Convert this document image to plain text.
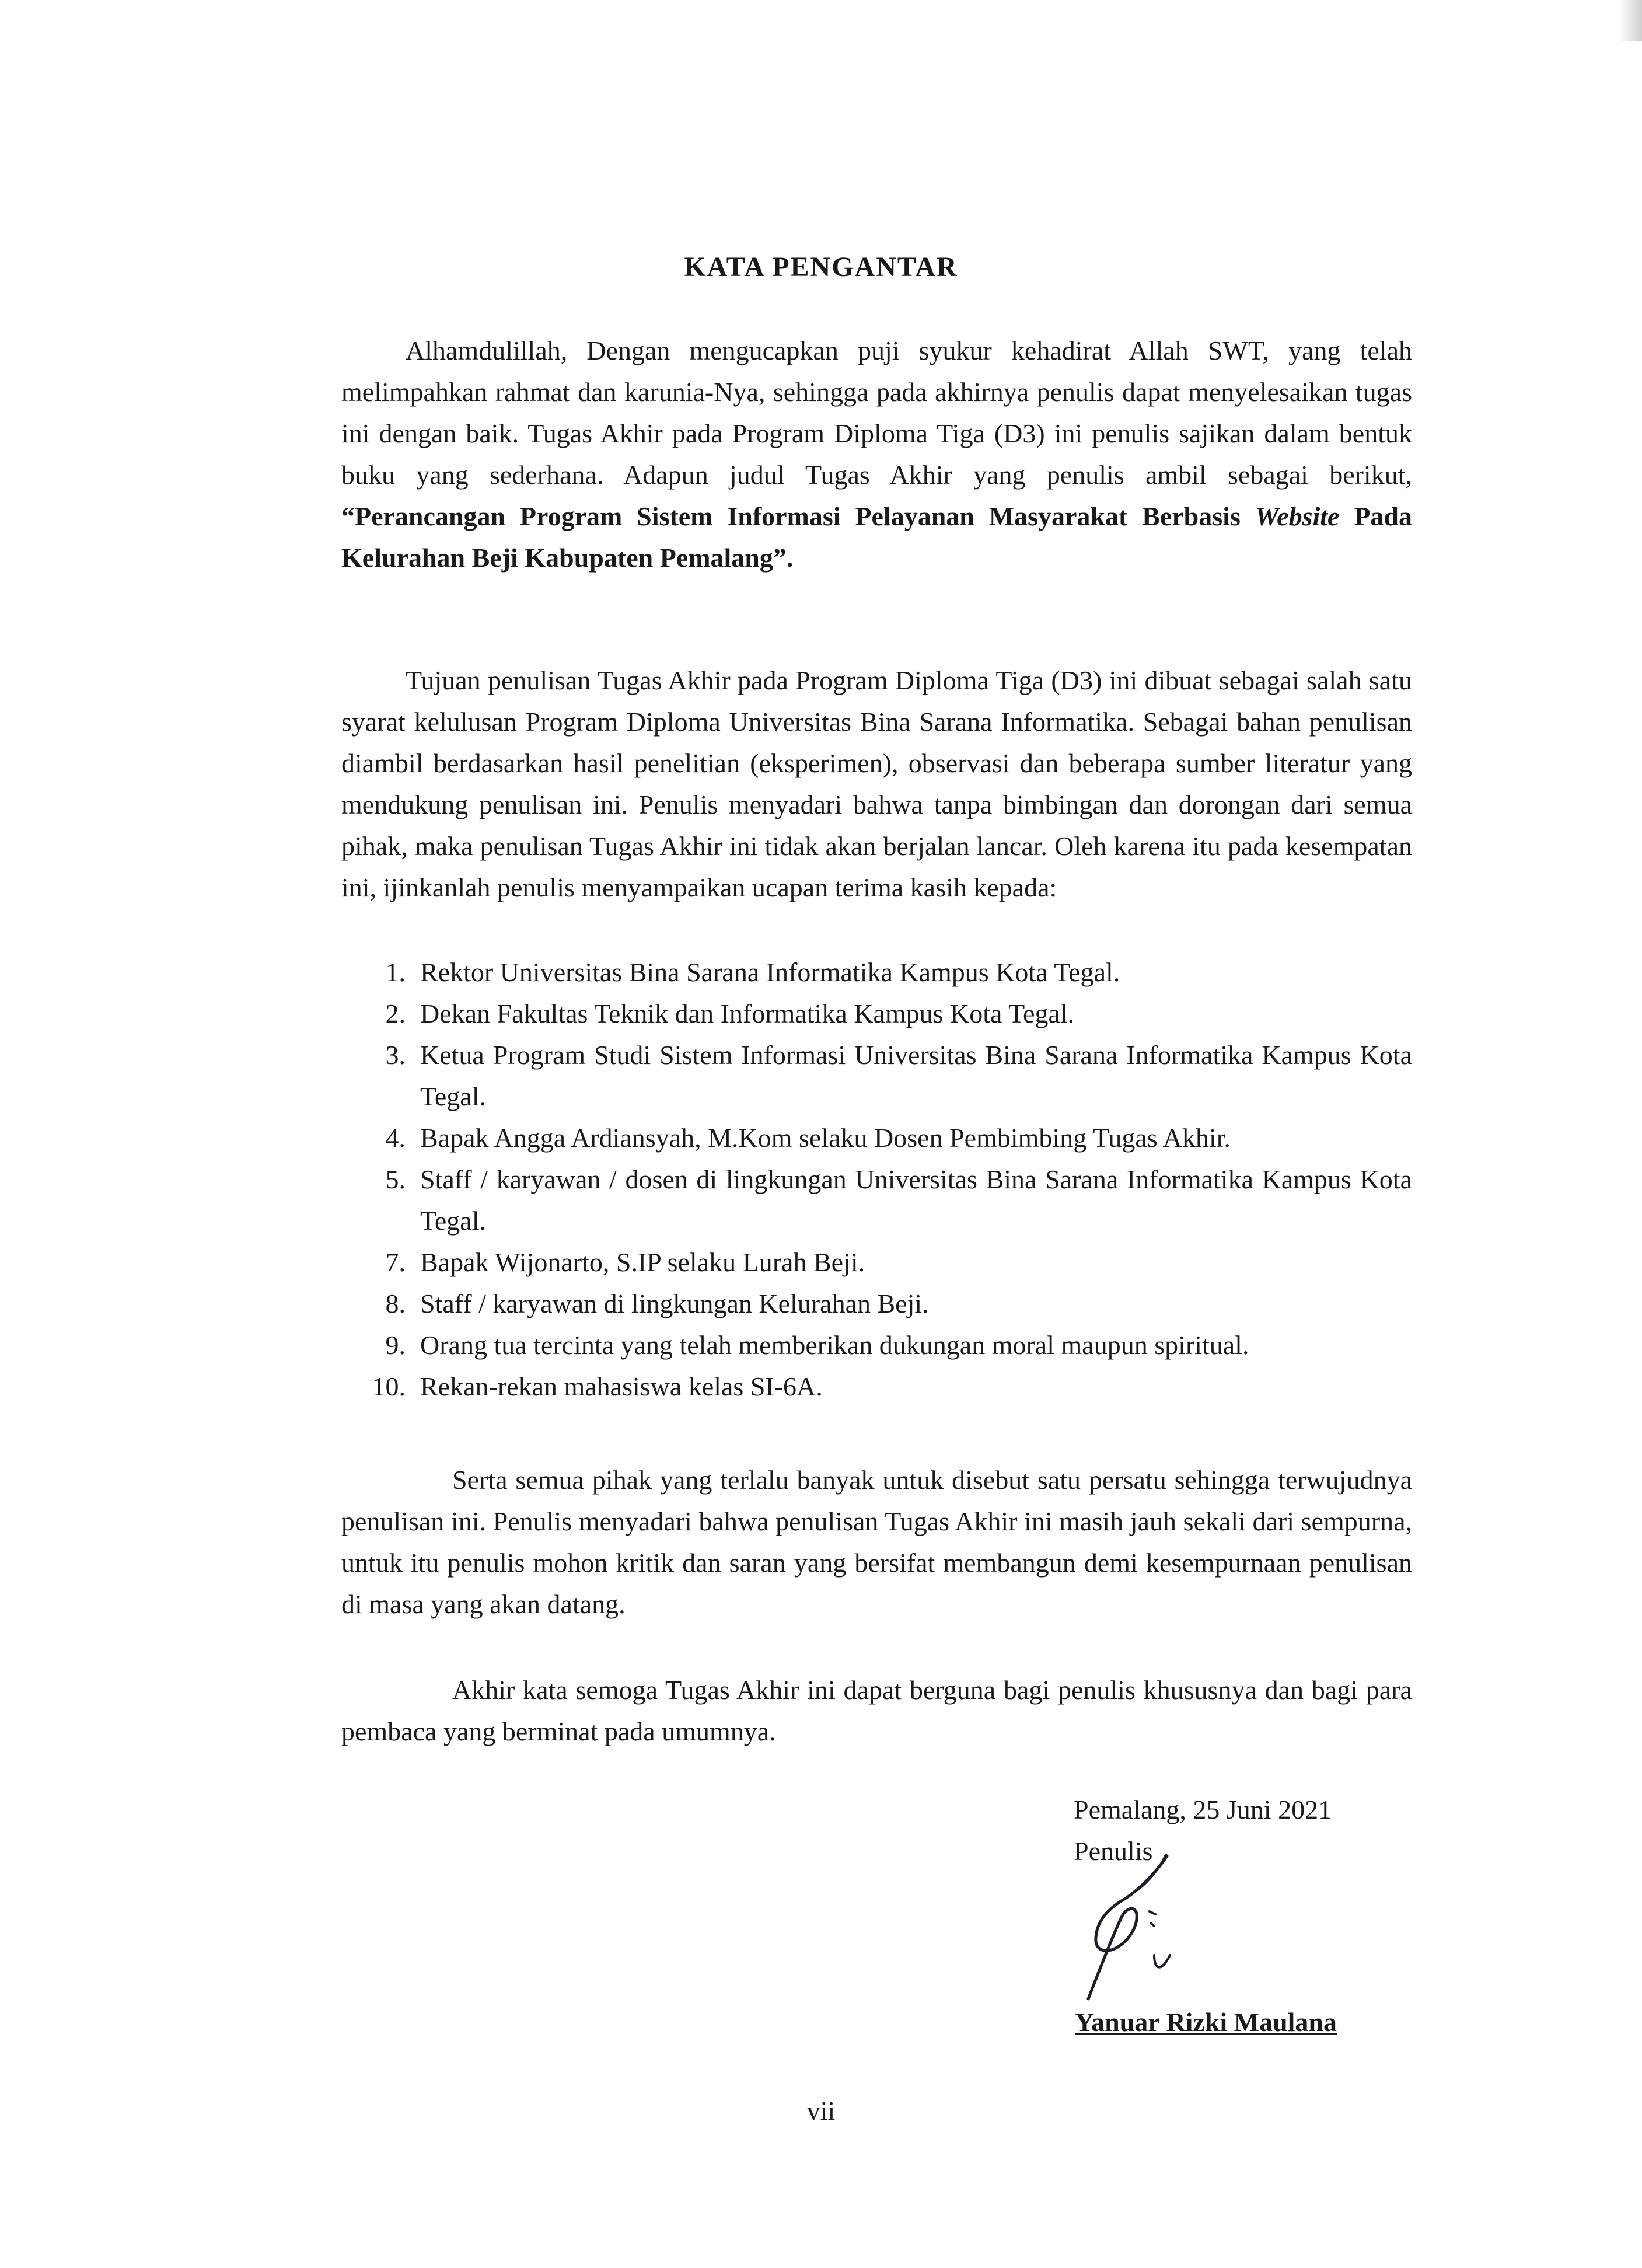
KATA PENGANTAR

Alhamdulillah, Dengan mengucapkan puji syukur kehadirat Allah SWT, yang telah melimpahkan rahmat dan karunia-Nya, sehingga pada akhirnya penulis dapat menyelesaikan tugas ini dengan baik. Tugas Akhir pada Program Diploma Tiga (D3) ini penulis sajikan dalam bentuk buku yang sederhana. Adapun judul Tugas Akhir yang penulis ambil sebagai berikut, “Perancangan Program Sistem Informasi Pelayanan Masyarakat Berbasis Website Pada Kelurahan Beji Kabupaten Pemalang”.

Tujuan penulisan Tugas Akhir pada Program Diploma Tiga (D3) ini dibuat sebagai salah satu syarat kelulusan Program Diploma Universitas Bina Sarana Informatika. Sebagai bahan penulisan diambil berdasarkan hasil penelitian (eksperimen), observasi dan beberapa sumber literatur yang mendukung penulisan ini. Penulis menyadari bahwa tanpa bimbingan dan dorongan dari semua pihak, maka penulisan Tugas Akhir ini tidak akan berjalan lancar. Oleh karena itu pada kesempatan ini, ijinkanlah penulis menyampaikan ucapan terima kasih kepada:

1. Rektor Universitas Bina Sarana Informatika Kampus Kota Tegal.
2. Dekan Fakultas Teknik dan Informatika Kampus Kota Tegal.
3. Ketua Program Studi Sistem Informasi Universitas Bina Sarana Informatika Kampus Kota Tegal.
4. Bapak Angga Ardiansyah, M.Kom selaku Dosen Pembimbing Tugas Akhir.
5. Staff / karyawan / dosen di lingkungan Universitas Bina Sarana Informatika Kampus Kota Tegal.
7. Bapak Wijonarto, S.IP selaku Lurah Beji.
8. Staff / karyawan di lingkungan Kelurahan Beji.
9. Orang tua tercinta yang telah memberikan dukungan moral maupun spiritual.
10. Rekan-rekan mahasiswa kelas SI-6A.

Serta semua pihak yang terlalu banyak untuk disebut satu persatu sehingga terwujudnya penulisan ini. Penulis menyadari bahwa penulisan Tugas Akhir ini masih jauh sekali dari sempurna, untuk itu penulis mohon kritik dan saran yang bersifat membangun demi kesempurnaan penulisan di masa yang akan datang.

Akhir kata semoga Tugas Akhir ini dapat berguna bagi penulis khususnya dan bagi para pembaca yang berminat pada umumnya.

Pemalang, 25 Juni 2021
Penulis
Yanuar Rizki Maulana
vii
